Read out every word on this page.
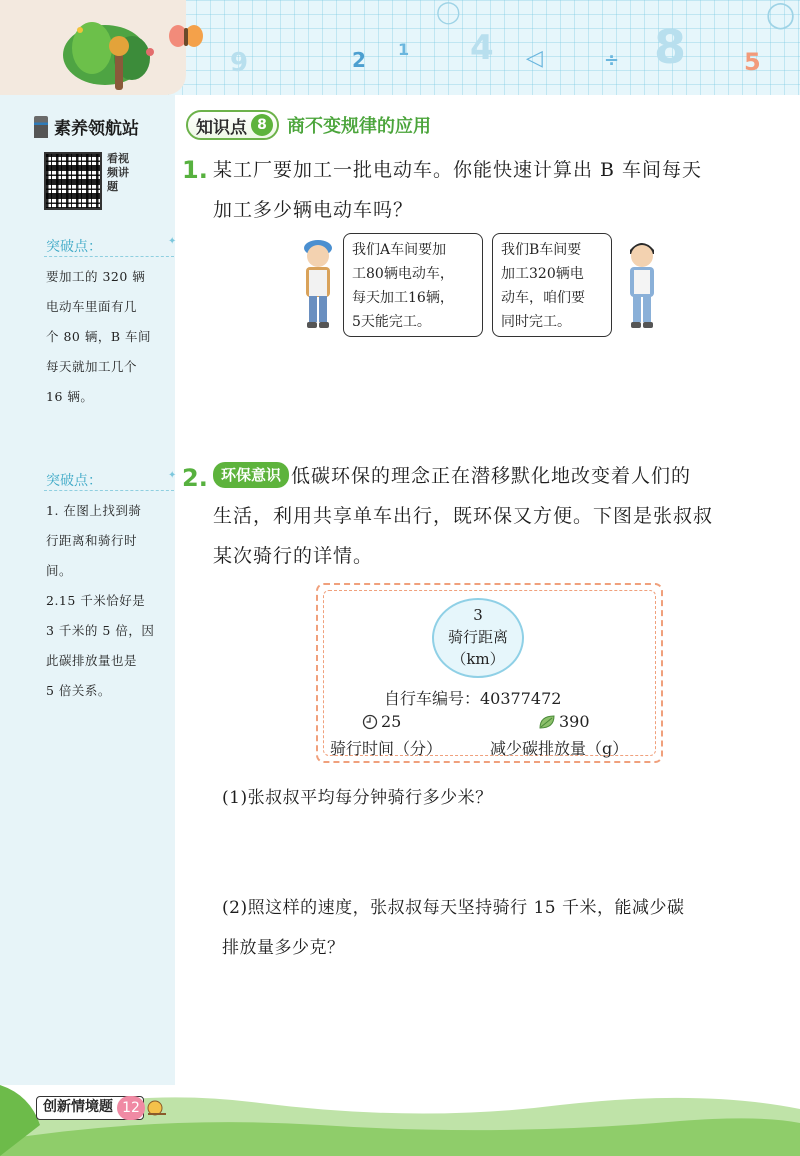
9	2 1 4
◯
◁	÷ 8 5
◯
素养领航站
看视频讲题
突破点：	✦
要加工的 320 辆
电动车里面有几
个 80 辆，B 车间
每天就加工几个
16 辆。
突破点：	✦
1. 在图上找到骑
行距离和骑行时
间。
2.15 千米恰好是
3 千米的 5 倍，因
此碳排放量也是
5 倍关系。
知识点 8	商不变规律的应用
1. 某工厂要加工一批电动车。你能快速计算出 B 车间每天
加工多少辆电动车吗？
我们A车间要加
工80辆电动车，
每天加工16辆，
5天能完工。
我们B车间要
加工320辆电
动车，咱们要
同时完工。
2. 环保意识 低碳环保的理念正在潜移默化地改变着人们的
生活，利用共享单车出行，既环保又方便。下图是张叔叔
某次骑行的详情。
3
骑行距离
（km）
自行车编号：40377472
25	390
骑行时间（分）	减少碳排放量（g）
(1)张叔叔平均每分钟骑行多少米？
(2)照这样的速度，张叔叔每天坚持骑行 15 千米，能减少碳
排放量多少克？
创新情境题 12
